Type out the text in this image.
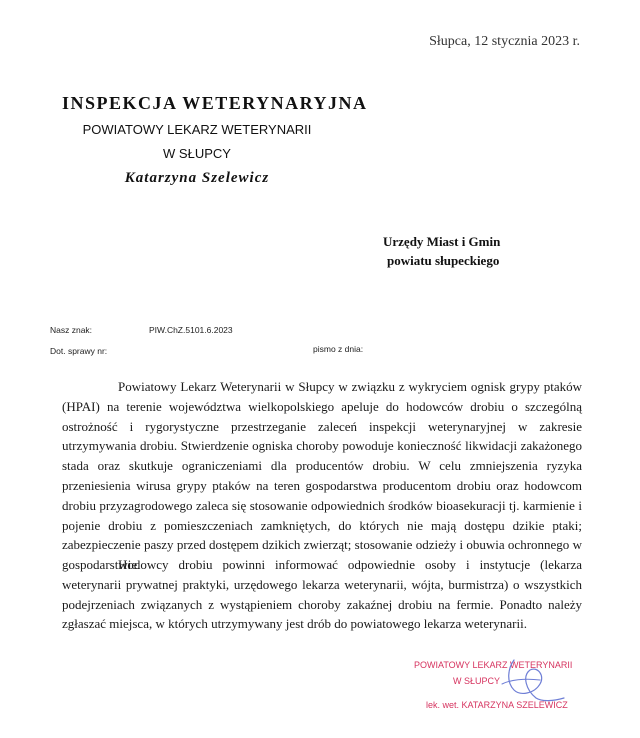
Słupca, 12 stycznia 2023 r.
INSPEKCJA WETERYNARYJNA
POWIATOWY LEKARZ WETERYNARII
W SŁUPCY
Katarzyna Szelewicz
Urzędy Miast i Gmin
powiatu słupeckiego
Nasz znak:	PIW.ChZ.5101.6.2023
Dot. sprawy nr:	pismo z dnia:

Powiatowy Lekarz Weterynarii w Słupcy w związku z wykryciem ognisk grypy ptaków (HPAI) na terenie województwa wielkopolskiego apeluje do hodowców drobiu o szczególną ostrożność i rygorystyczne przestrzeganie zaleceń inspekcji weterynaryjnej w zakresie utrzymywania drobiu. Stwierdzenie ogniska choroby powoduje konieczność likwidacji zakażonego stada oraz skutkuje ograniczeniami dla producentów drobiu. W celu zmniejszenia ryzyka przeniesienia wirusa grypy ptaków na teren gospodarstwa producentom drobiu oraz hodowcom drobiu przyzagrodowego zaleca się stosowanie odpowiednich środków bioasekuracji tj. karmienie i pojenie drobiu z pomieszczeniach zamkniętych, do których nie mają dostępu dzikie ptaki; zabezpieczenie paszy przed dostępem dzikich zwierząt; stosowanie odzieży i obuwia ochronnego w gospodarstwie.

Hodowcy drobiu powinni informować odpowiednie osoby i instytucje (lekarza weterynarii prywatnej praktyki, urzędowego lekarza weterynarii, wójta, burmistrza) o wszystkich podejrzeniach związanych z wystąpieniem choroby zakaźnej drobiu na fermie. Ponadto należy zgłaszać miejsca, w których utrzymywany jest drób do powiatowego lekarza weterynarii.

POWIATOWY LEKARZ WETERYNARII
W SŁUPCY
lek. wet. KATARZYNA SZELEWICZ
